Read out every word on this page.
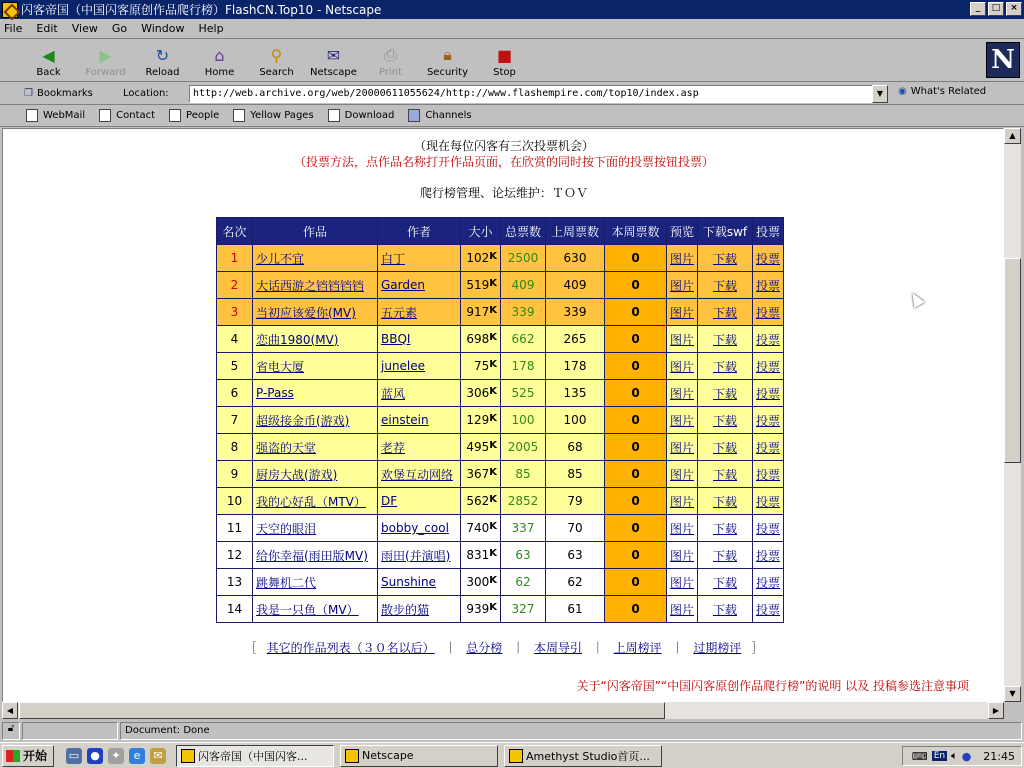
闪客帝国（中国闪客原创作品爬行榜）FlashCN.Top10 - Netscape	_	□	×
File Edit View Go Window Help
◀
Back
▶
Forward
↻
Reload
⌂
Home
⚲
Search
✉
Netscape
⎙
Print
🔒︎
Security
■
Stop	N
❐ Bookmarks	Location:	http://web.archive.org/web/20000611055624/http://www.flashempire.com/top10/index.asp	▼	◉ What's Related
WebMail	Contact	People	Yellow Pages	Download	Channels
（现在每位闪客有三次投票机会）
（投票方法，点作品名称打开作品页面，在欣赏的同时按下面的投票按钮投票）
爬行榜管理、论坛维护：ＴＯＶ
名次	作品	作者	大小	总票数	上周票数	本周票数	预览	下载swf	投票
1	少儿不宜	白丁	$102^K$	2500	630	0	图片	下载	投票
2	大话西游之铛铛铛铛	Garden	$519^K$	409	409	0	图片	下载	投票
3	当初应该爱你(MV)	五元素	$917^K$	339	339	0	图片	下载	投票
4	恋曲1980(MV)	BBQI	$698^K$	662	265	0	图片	下载	投票
5	省电大厦	junelee	$75^K$	178	178	0	图片	下载	投票
6	P-Pass	蓝风	$306^K$	525	135	0	图片	下载	投票
7	超级接金币(游戏)	einstein	$129^K$	100	100	0	图片	下载	投票
8	强盗的天堂	老荐	$495^K$	2005	68	0	图片	下载	投票
9	厨房大战(游戏)	欢堡互动网络	$367^K$	85	85	0	图片	下载	投票
10	我的心好乱（MTV）	DF	$562^K$	2852	79	0	图片	下载	投票
11	天空的眼泪	bobby_cool	$740^K$	337	70	0	图片	下载	投票
12	给你幸福(雨田版MV)	雨田(并演唱)	$831^K$	63	63	0	图片	下载	投票
13	跳舞机二代	Sunshine	$300^K$	62	62	0	图片	下载	投票
14	我是一只鱼（MV）	散步的猫	$939^K$	327	61	0	图片	下载	投票
［ 其它的作品列表（３０名以后） ｜ 总分榜 ｜ 本周导引 ｜ 上周榜评 ｜ 过期榜评 ］
关于“闪客帝国”“中国闪客原创作品爬行榜”的说明 以及 投稿参选注意事项
▲
▼
◀	▶
🔓︎	Document: Done
开始 ▭ ●	✦	e	✉	闪客帝国（中国闪客...	Netscape	Amethyst Studio首页...	⌨ En 🔈︎ ● 21:45
